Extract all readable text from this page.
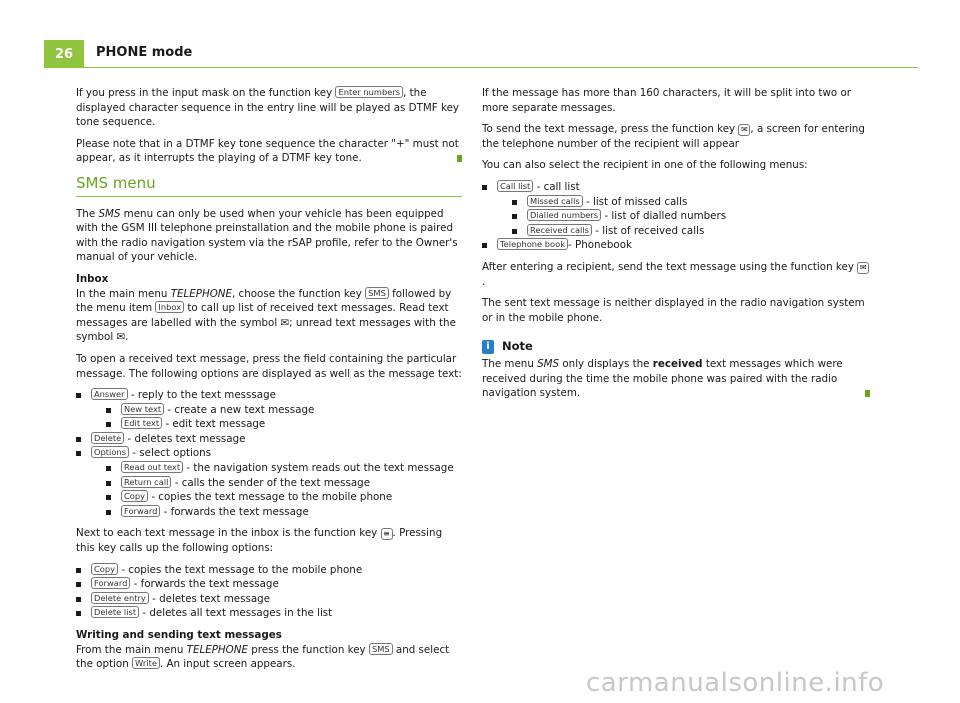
26	PHONE mode

If you press in the input mask on the function key Enter numbers , the displayed character sequence in the entry line will be played as DTMF key tone sequence.

Please note that in a DTMF key tone sequence the character "+" must not appear, as it interrupts the playing of a DTMF key tone.

SMS menu

The SMS menu can only be used when your vehicle has been equipped with the GSM III telephone preinstallation and the mobile phone is paired with the radio navigation system via the rSAP profile, refer to the Owner's manual of your vehicle.

Inbox

In the main menu TELEPHONE, choose the function key SMS followed by the menu item Inbox to call up list of received text messages. Read text messages are labelled with the symbol ✉; unread text messages with the symbol ✉.

To open a received text message, press the field containing the particular message. The following options are displayed as well as the message text:

Answer - reply to the text messsage
New text - create a new text message
Edit text - edit text message
Delete - deletes text message
Options - select options
Read out text - the navigation system reads out the text message
Return call - calls the sender of the text message
Copy - copies the text message to the mobile phone
Forward - forwards the text message

Next to each text message in the inbox is the function key ≡ . Pressing this key calls up the following options:

Copy - copies the text message to the mobile phone
Forward - forwards the text message
Delete entry - deletes text message
Delete list - deletes all text messages in the list
Writing and sending text messages

From the main menu TELEPHONE press the function key SMS and select the option Write . An input screen appears.

If the message has more than 160 characters, it will be split into two or more separate messages.

To send the text message, press the function key ✉ , a screen for entering the telephone number of the recipient will appear

You can also select the recipient in one of the following menus:

Call list - call list
Missed calls - list of missed calls
Dialled numbers - list of dialled numbers
Received calls - list of received calls
Telephone book - Phonebook

After entering a recipient, send the text message using the function key ✉.

The sent text message is neither displayed in the radio navigation system or in the mobile phone.

i	Note

The menu SMS only displays the received text messages which were received during the time the mobile phone was paired with the radio navigation system.

carmanualsonline.info
